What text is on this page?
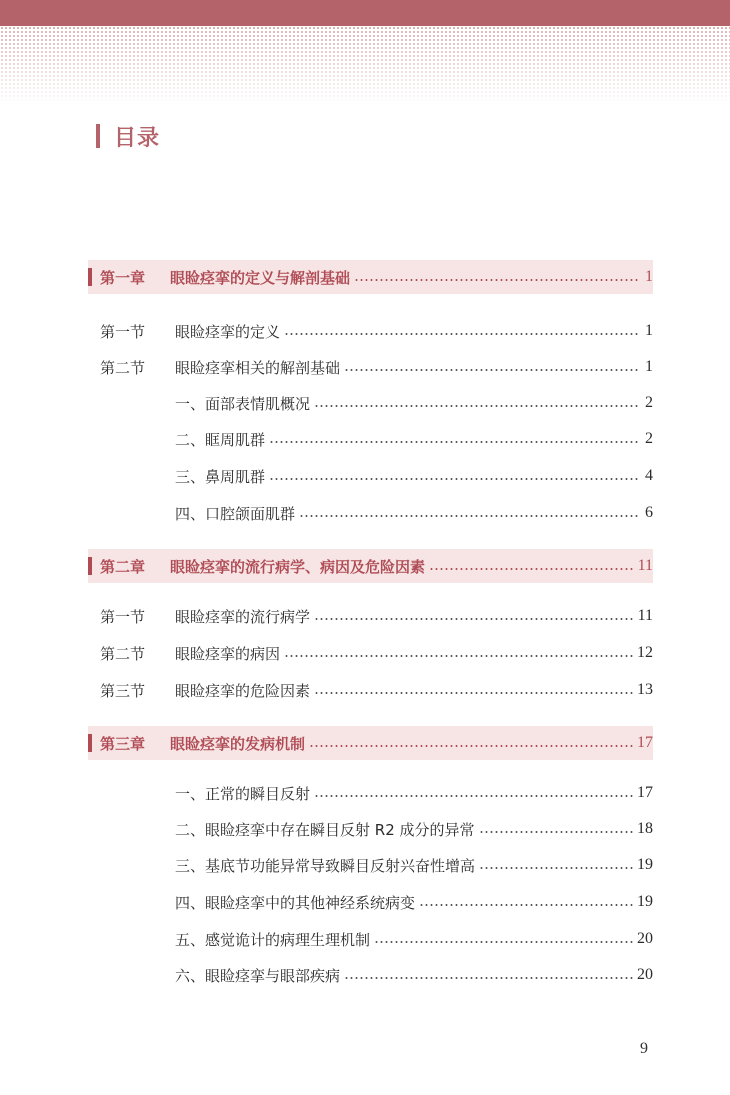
目录
第一章	眼睑痉挛的定义与解剖基础	1
第一节	眼睑痉挛的定义	1
第二节	眼睑痉挛相关的解剖基础	1
一、面部表情肌概况	2
二、眶周肌群	2
三、鼻周肌群	4
四、口腔颌面肌群	6
第二章	眼睑痉挛的流行病学、病因及危险因素	11
第一节	眼睑痉挛的流行病学	11
第二节	眼睑痉挛的病因	12
第三节	眼睑痉挛的危险因素	13
第三章	眼睑痉挛的发病机制	17
一、正常的瞬目反射	17
二、眼睑痉挛中存在瞬目反射 R2 成分的异常	18
三、基底节功能异常导致瞬目反射兴奋性增高	19
四、眼睑痉挛中的其他神经系统病变	19
五、感觉诡计的病理生理机制	20
六、眼睑痉挛与眼部疾病	20
9
